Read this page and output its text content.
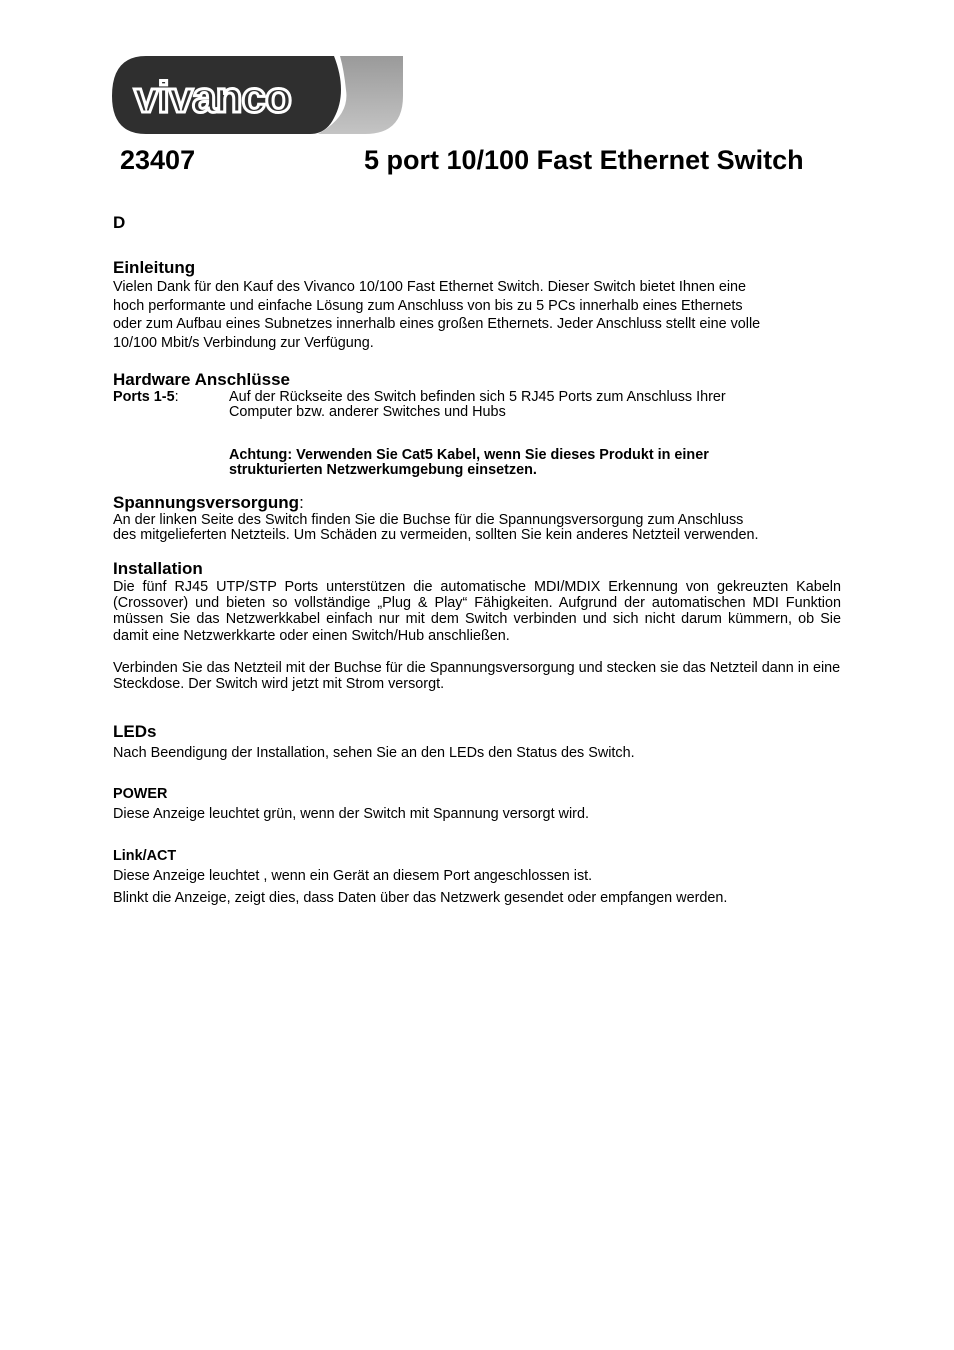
vivanco
23407	5 port 10/100 Fast Ethernet Switch
D
Einleitung

Vielen Dank für den Kauf des Vivanco 10/100 Fast Ethernet Switch. Dieser Switch bietet Ihnen eine

hoch performante und einfache Lösung zum Anschluss von bis zu 5 PCs innerhalb eines Ethernets

oder zum Aufbau eines Subnetzes innerhalb eines großen Ethernets. Jeder Anschluss stellt eine volle

10/100 Mbit/s Verbindung zur Verfügung.

Hardware Anschlüsse
Ports 1-5:	Auf der Rückseite des Switch befinden sich 5 RJ45 Ports zum Anschluss Ihrer
Computer bzw. anderer Switches und Hubs
Achtung: Verwenden Sie Cat5 Kabel, wenn Sie dieses Produkt in einer
strukturierten Netzwerkumgebung einsetzen.
Spannungsversorgung:

An der linken Seite des Switch finden Sie die Buchse für die Spannungsversorgung zum Anschluss

des mitgelieferten Netzteils. Um Schäden zu vermeiden, sollten Sie kein anderes Netzteil verwenden.

Installation

Die fünf RJ45 UTP/STP Ports unterstützen die automatische MDI/MDIX Erkennung von gekreuzten Kabeln (Crossover) und bieten so vollständige „Plug & Play“ Fähigkeiten. Aufgrund der automatischen MDI Funktion müssen Sie das Netzwerkkabel einfach nur mit dem Switch verbinden und sich nicht darum kümmern, ob Sie damit eine Netzwerkkarte oder einen Switch/Hub anschließen.

Verbinden Sie das Netzteil mit der Buchse für die Spannungsversorgung und stecken sie das Netzteil dann in eine Steckdose. Der Switch wird jetzt mit Strom versorgt.

LEDs

Nach Beendigung der Installation, sehen Sie an den LEDs den Status des Switch.

POWER

Diese Anzeige leuchtet grün, wenn der Switch mit Spannung versorgt wird.

Link/ACT

Diese Anzeige leuchtet , wenn ein Gerät an diesem Port angeschlossen ist.

Blinkt die Anzeige, zeigt dies, dass Daten über das Netzwerk gesendet oder empfangen werden.
